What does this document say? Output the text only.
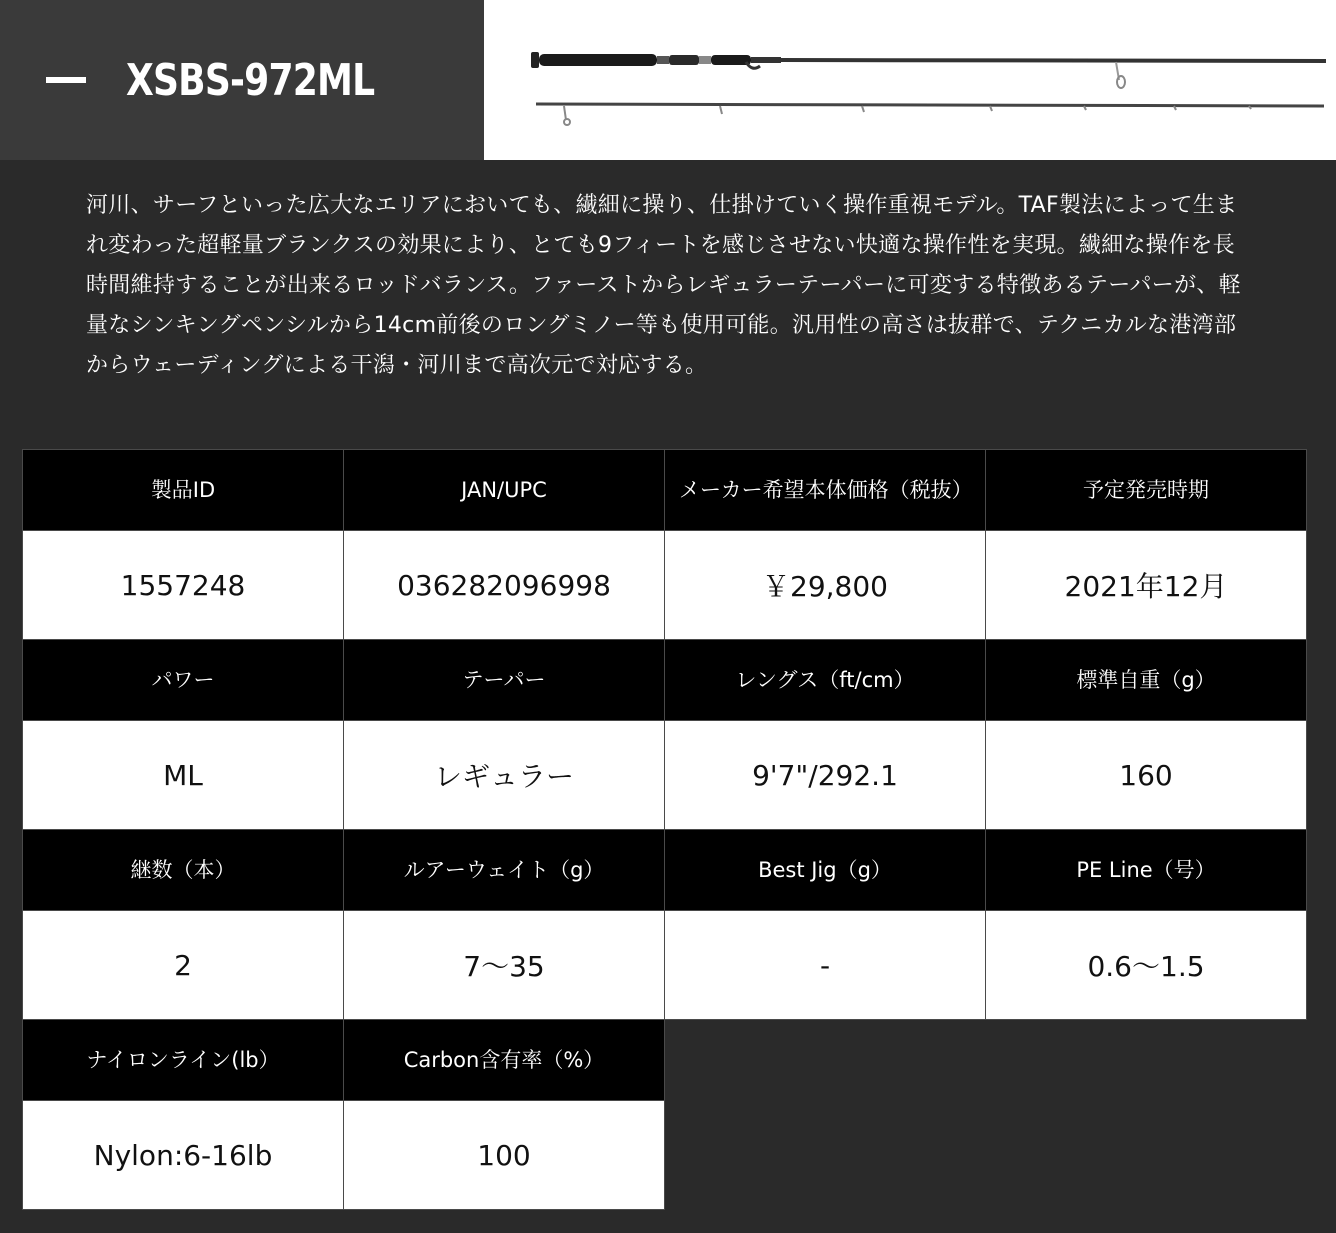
XSBS-972ML
河川、サーフといった広大なエリアにおいても、繊細に操り、仕掛けていく操作重視モデル。TAF製法によって生まれ変わった超軽量ブランクスの効果により、とても9フィートを感じさせない快適な操作性を実現。繊細な操作を長時間維持することが出来るロッドバランス。ファーストからレギュラーテーパーに可変する特徴あるテーパーが、軽量なシンキングペンシルから14cm前後のロングミノー等も使用可能。汎用性の高さは抜群で、テクニカルな港湾部からウェーディングによる干潟・河川まで高次元で対応する。
製品ID	JAN/UPC	メーカー希望本体価格（税抜）	予定発売時期
1557248	036282096998	￥29,800	2021年12月
パワー	テーパー	レングス（ft/cm）	標準自重（g）
ML	レギュラー	9'7"/292.1	160
継数（本）	ルアーウェイト（g）	Best Jig（g）	PE Line（号）
2	7〜35	-	0.6〜1.5
ナイロンライン(lb）	Carbon含有率（%）
Nylon:6-16lb	100
